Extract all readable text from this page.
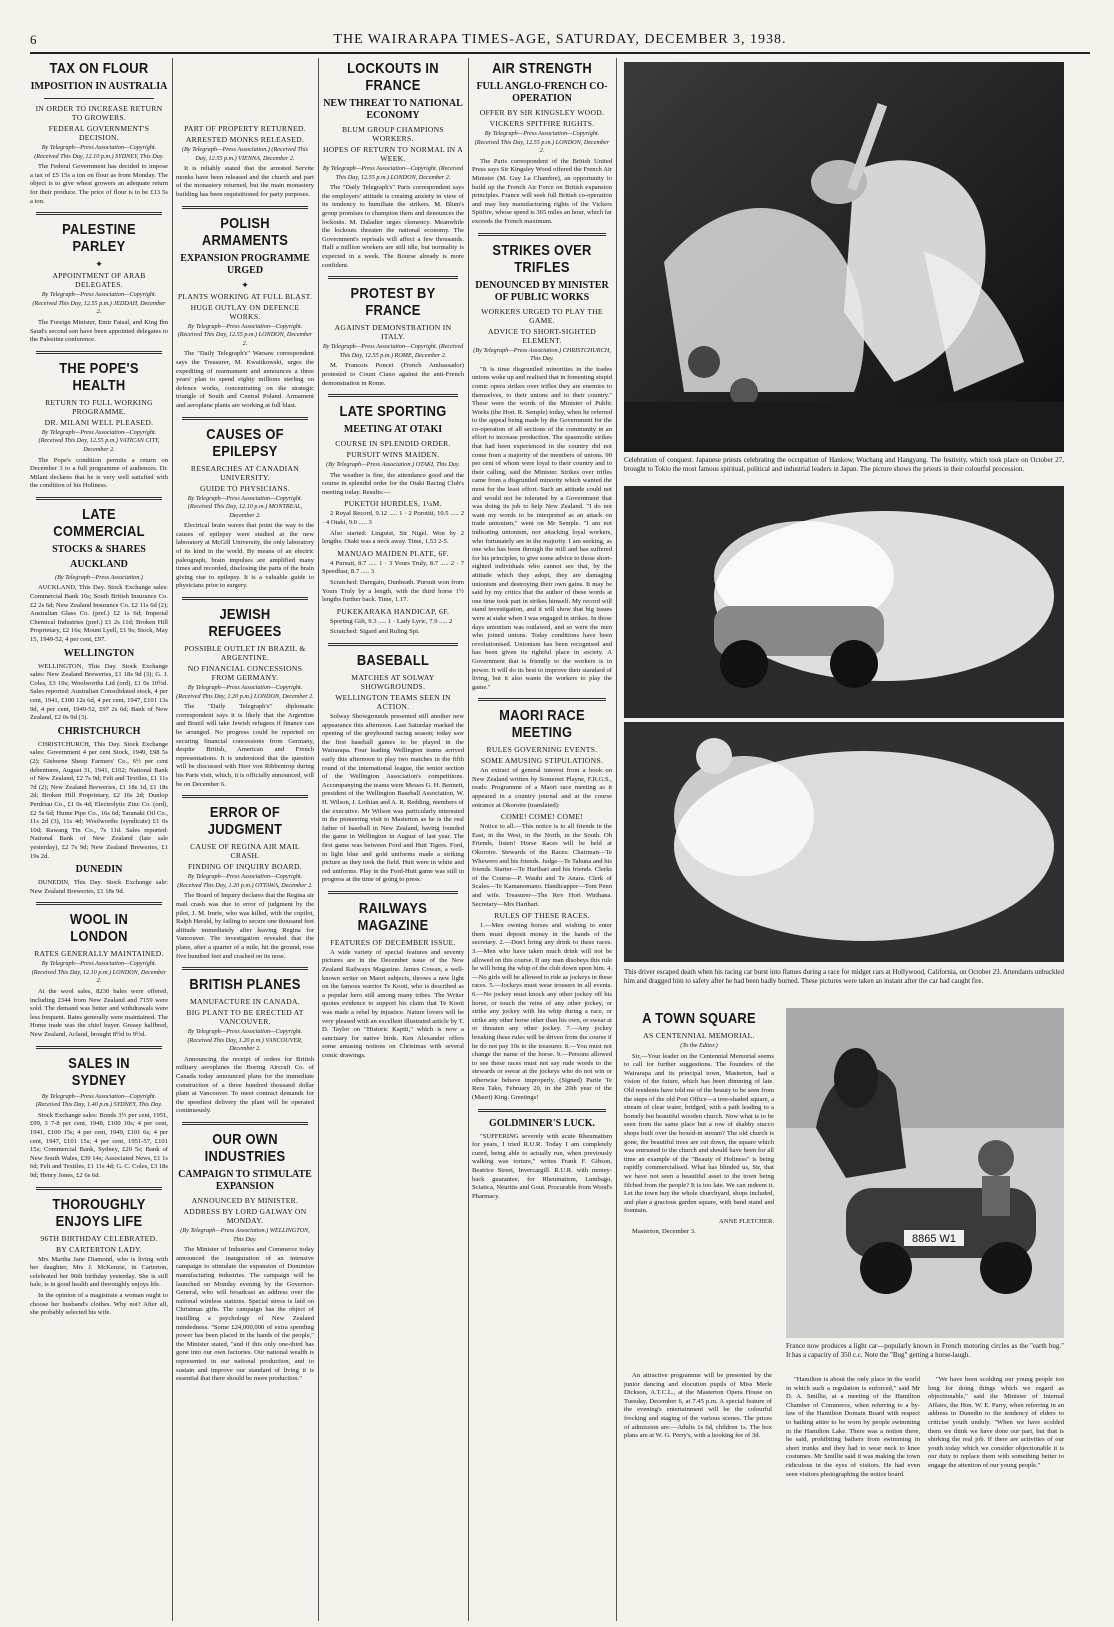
6	THE WAIRARAPA TIMES-AGE, SATURDAY, DECEMBER 3, 1938.
TAX ON FLOUR
IMPOSITION IN AUSTRALIA
IN ORDER TO INCREASE RETURN TO GROWERS.
FEDERAL GOVERNMENT'S DECISION.

By Telegraph—Press Association—Copyright. (Received This Day, 12.10 p.m.) SYDNEY, This Day.

The Federal Government has decided to impose a tax of £5 15s a ton on flour as from Monday. The object is to give wheat growers an adequate return for their produce. The price of flour is to be £13 5s a ton.

PALESTINE PARLEY
✦
APPOINTMENT OF ARAB DELEGATES.

By Telegraph—Press Association—Copyright. (Received This Day, 12.55 p.m.) JEDDAH, December 2.

The Foreign Minister, Emir Faisal, and King Ibn Saud's second son have been appointed delegates to the Palestine conference.

THE POPE'S HEALTH
RETURN TO FULL WORKING PROGRAMME.
DR. MILANI WELL PLEASED.

By Telegraph—Press Association—Copyright. (Received This Day, 12.55 p.m.) VATICAN CITY, December 2.

The Pope's condition permits a return on December 3 to a full programme of audiences. Dr. Milani declares that he is very well satisfied with the condition of his Holiness.

LATE COMMERCIAL
STOCKS & SHARES
AUCKLAND

(By Telegraph—Press Association.)

AUCKLAND, This Day. Stock Exchange sales: Commercial Bank 16s; South British Insurance Co. £2 2s 6d; New Zealand Insurance Co. £2 11s 6d (2); Australian Glass Co. (pref.) £2 1s 6d; Imperial Chemical Industries (pref.) £1 2s 11d; Broken Hill Proprietary, £2 16s; Mount Lyell, £1 9s; Stock, May 15, 1949-52, 4 per cent, £97.

WELLINGTON

WELLINGTON, This Day. Stock Exchange sales: New Zealand Breweries, £1 18s 9d (3); G. J. Coles, £3 19s; Woolworths Ltd (ord), £1 0s 10½d. Sales reported: Australian Consolidated stock, 4 per cent, 1941, £100 12s 6d, 4 per cent, 1947, £101 13s 9d, 4 per cent, 1949-52, £97 2s 6d; Bank of New Zealand, £2 0s 9d (3).

CHRISTCHURCH

CHRISTCHURCH, This Day. Stock Exchange sales: Government 4 per cent Stock, 1949, £98 5s (2); Gisborne Sheep Farmers' Co., 6½ per cent debentures, August 31, 1941, £102; National Bank of New Zealand, £2 7s 9d; Felt and Textiles, £1 11s 7d (2); New Zealand Breweries, £1 18s 1d, £1 18s 2d; Broken Hill Proprietary, £2 16s 2d; Dunlop Perdriau Co., £1 0s 4d; Electrolytic Zinc Co. (ord), £2 5s 6d; Hume Pipe Co., 16s 6d; Taranaki Oil Co., 11s 2d (3), 11s 4d; Woolworths (syndicate) £1 0s 10d; Rawang Tin Co., 7s 11d. Sales reported: National Bank of New Zealand (late sale yesterday), £2 7s 9d; New Zealand Breweries, £1 19s 2d.

DUNEDIN

DUNEDIN, This Day. Stock Exchange sale: New Zealand Breweries, £1 18s 9d.

WOOL IN LONDON
RATES GENERALLY MAINTAINED.

By Telegraph—Press Association—Copyright. (Received This Day, 12.10 p.m.) LONDON, December 2.

At the wool sales, 8230 bales were offered, including 2344 from New Zealand and 7159 were sold. The demand was better and withdrawals were less frequent. Rates generally were maintained. The Home trade was the chief buyer. Greasy halfbred, New Zealand, Acland, brought 8½d to 9½d.

SALES IN SYDNEY

By Telegraph—Press Association—Copyright. (Received This Day, 1.40 p.m.) SYDNEY, This Day.

Stock Exchange sales: Bonds 3½ per cent, 1951, £99, 3 7-8 per cent, 1948, £100 10s; 4 per cent, 1941, £100 15s; 4 per cent, 1949, £101 6s; 4 per cent, 1947, £101 15s; 4 per cent, 1951-57, £101 15s; Commercial Bank, Sydney, £20 5s; Bank of New South Wales, £39 14s; Associated News, £1 1s 6d; Felt and Textiles, £1 11s 4d; G. C. Coles, £3 18s 9d; Henry Jones, £2 6s 6d.

THOROUGHLY ENJOYS LIFE
96TH BIRTHDAY CELEBRATED.
BY CARTERTON LADY.

Mrs Martha Jane Diamond, who is living with her daughter, Mrs J. McKenzie, in Carterton, celebrated her 96th birthday yesterday. She is still hale, is in good health and thoroughly enjoys life.

In the opinion of a magistrate a woman ought to choose her husband's clothes. Why not? After all, she probably selected his wife.

PART OF PROPERTY RETURNED.
ARRESTED MONKS RELEASED.

(By Telegraph—Press Association.) (Received This Day, 12.55 p.m.) VIENNA, December 2.

It is reliably stated that the arrested Servite monks have been released and the church and part of the monastery returned, but the main monastery building has been requisitioned for party purposes.

POLISH ARMAMENTS
EXPANSION PROGRAMME URGED
✦
PLANTS WORKING AT FULL BLAST.
HUGE OUTLAY ON DEFENCE WORKS.

By Telegraph—Press Association—Copyright. (Received This Day, 12.55 p.m.) LONDON, December 2.

The "Daily Telegraph's" Warsaw correspondent says the Treasurer, M. Kwaitkowski, urges the expediting of rearmament and announces a three years' plan to spend eighty millions sterling on defence works, concentrating on the strategic triangle of South and Central Poland. Armament and aeroplane plants are working at full blast.

CAUSES OF EPILEPSY
RESEARCHES AT CANADIAN UNIVERSITY.
GUIDE TO PHYSICIANS.

By Telegraph—Press Association—Copyright. (Received This Day, 12.10 p.m.) MONTREAL, December 2.

Electrical brain waves that point the way to the causes of epilepsy were studied at the new laboratory at McGill University, the only laboratory of its kind in the world. By means of an electric paleograph, brain impulses are amplified many times and recorded, disclosing the parts of the brain giving rise to epilepsy. It is a valuable guide to physicians prior to surgery.

JEWISH REFUGEES
POSSIBLE OUTLET IN BRAZIL & ARGENTINE.
NO FINANCIAL CONCESSIONS FROM GERMANY.

By Telegraph—Press Association—Copyright. (Received This Day, 1.20 p.m.) LONDON, December 2.

The "Daily Telegraph's" diplomatic correspondent says it is likely that the Argentine and Brazil will take Jewish refugees if finance can be arranged. No progress could be reported on securing financial concessions from Germany, despite British, American and French representations. It is understood that the question will be discussed with Herr von Ribbentrop during his Paris visit, which, it is officially announced, will be on December 6.

ERROR OF JUDGMENT
CAUSE OF REGINA AIR MAIL CRASH.
FINDING OF INQUIRY BOARD.

By Telegraph—Press Association—Copyright. (Received This Day, 1.20 p.m.) OTTAWA, December 2.

The Board of Inquiry declares that the Regina air mail crash was due to error of judgment by the pilot, J. M. Imrie, who was killed, with the copilot, Ralph Herald, by failing to secure one thousand feet altitude immediately after leaving Regina for Vancouver. The investigation revealed that the plane, after a quarter of a mile, hit the ground, rose five hundred feet and crashed on its nose.

BRITISH PLANES
MANUFACTURE IN CANADA.
BIG PLANT TO BE ERECTED AT VANCOUVER.

By Telegraph—Press Association—Copyright. (Received This Day, 1.20 p.m.) VANCOUVER, December 2.

Announcing the receipt of orders for British military aeroplanes the Boeing Aircraft Co. of Canada today announced plans for the immediate construction of a three hundred thousand dollar plant at Vancouver. To meet contract demands for the speediest delivery the plant will be operated continuously.

OUR OWN INDUSTRIES
CAMPAIGN TO STIMULATE EXPANSION
ANNOUNCED BY MINISTER.
ADDRESS BY LORD GALWAY ON MONDAY.

(By Telegraph—Press Association.) WELLINGTON, This Day.

The Minister of Industries and Commerce today announced the inauguration of an intensive campaign to stimulate the expansion of Dominion manufacturing industries. The campaign will be launched on Monday evening by the Governor-General, who will broadcast an address over the national wireless stations. Special stress is laid on Christmas gifts. The campaign has the object of instilling a psychology of New Zealand mindedness. "Some £24,000,000 of extra spending power has been placed in the hands of the people," the Minister stated, "and if this only one-third has gone into our own factories. Our national wealth is represented in our national production, and to sustain and improve our standard of living it is essential that there should be more production."

LOCKOUTS IN FRANCE
NEW THREAT TO NATIONAL ECONOMY
BLUM GROUP CHAMPIONS WORKERS.
HOPES OF RETURN TO NORMAL IN A WEEK.

By Telegraph—Press Association—Copyright. (Received This Day, 12.55 p.m.) LONDON, December 2.

The "Daily Telegraph's" Paris correspondent says the employers' attitude is creating anxiety in view of its tendency to humiliate the strikers. M. Blum's group promises to champion them and denounces the lockouts. M. Daladier urges clemency. Meanwhile the lockouts threaten the national economy. The Government's reprisals will affect a few thousands. Half a million workers are still idle, but normality is expected in a week. The Bourse already is more confident.

PROTEST BY FRANCE
AGAINST DEMONSTRATION IN ITALY.

By Telegraph—Press Association—Copyright. (Received This Day, 12.55 p.m.) ROME, December 2.

M. Francois Poncet (French Ambassador) protested to Count Ciano against the anti-French demonstration in Rome.

LATE SPORTING
MEETING AT OTAKI
COURSE IN SPLENDID ORDER.
PURSUIT WINS MAIDEN.

(By Telegraph—Press Association.) OTAKI, This Day.

The weather is fine, the attendance good and the course in splendid order for the Otaki Racing Club's meeting today. Results:—

PUKETOI HURDLES, 1¼M.

2 Royal Record, 9.12 ..... 1 · 2 Porotiti, 10.5 ..... 2 · 4 Otaki, 9.0 ..... 3

Also started: Linguist, Sir Nigel. Won by 2 lengths. Otaki was a neck away. Time, 1.53 2-5.

MANUAO MAIDEN PLATE, 6F.

4 Pursuit, 8.7 ..... 1 · 3 Yours Truly, 8.7 ..... 2 · 7 Speedfast, 8.7 ..... 3

Scratched: Daregain, Dunbeath. Pursuit won from Yours Truly by a length, with the third horse 1½ lengths further back. Time, 1.17.

PUKEKARAKA HANDICAP, 6F.

Sporting Gift, 9.3 ..... 1 · Lady Lyric, 7.9 ..... 2

Scratched: Sigard and Ruling Spi.

BASEBALL
MATCHES AT SOLWAY SHOWGROUNDS.
WELLINGTON TEAMS SEEN IN ACTION.

Solway Showgrounds presented still another new appearance this afternoon. Last Saturday marked the opening of the greyhound racing season; today saw the first baseball games to be played in the Wairarapa. Four leading Wellington teams arrived early this afternoon to play two matches in the fifth round of the international league, the senior section of the Wellington Association's competitions. Accompanying the teams were Messrs G. H. Bennett, president of the Wellington Baseball Association, W. H. Wilson, J. Lothian and A. R. Redding, members of the executive. Mr Wilson was particularly interested in the pioneering visit to Masterton as he is the real father of baseball in New Zealand, having founded the game in Wellington in August of last year. The first game was between Ford and Hutt Tigers. Ford, in light blue and gold uniforms made a striking picture as they took the field. Hutt were in white and red uniforms. Play in the Ford-Hutt game was still in progress at the time of going to press.

RAILWAYS MAGAZINE
FEATURES OF DECEMBER ISSUE.

A wide variety of special features and seventy pictures are in the December issue of the New Zealand Railways Magazine. James Cowan, a well-known writer on Maori subjects, throws a new light on the famous warrior Te Kooti, who is described as a popular hero still among many tribes. The Writer quotes evidence to support his claim that Te Kooti was made a rebel by injustice. Nature lovers will be very pleased with an excellent illustrated article by T. D. Taylor on "Historic Kapiti," which is now a sanctuary for native birds. Ken Alexander offers some amusing notions on Christmas with several comic drawings.

AIR STRENGTH
FULL ANGLO-FRENCH CO-OPERATION
OFFER BY SIR KINGSLEY WOOD.
VICKERS SPITFIRE RIGHTS.

By Telegraph—Press Association—Copyright. (Received This Day, 12.55 p.m.) LONDON, December 2.

The Paris correspondent of the British United Press says Sir Kingsley Wood offered the French Air Minister (M. Guy La Chambre), an opportunity to build up the French Air Force on British expansion principles. France will seek full British co-operation and may buy manufacturing rights of the Vickers Spitfire, whose speed is 365 miles an hour, which far exceeds the French maximum.

STRIKES OVER TRIFLES
DENOUNCED BY MINISTER OF PUBLIC WORKS
WORKERS URGED TO PLAY THE GAME.
ADVICE TO SHORT-SIGHTED ELEMENT.

(By Telegraph—Press Association.) CHRISTCHURCH, This Day.

"It is time disgruntled minorities in the trades unions woke up and realised that in fomenting stupid comic opera strikes over trifles they are enemies to themselves, to their unions and to their country." These were the words of the Minister of Public Works (the Hon. R. Semple) today, when he referred to the appeal being made by the Government for the co-operation of all sections of the community in an effort to increase production. The spasmodic strikes that had been experienced in the country did not come from a majority of the members of unions. 90 per cent of whom were loyal to their country and to their calling, said the Minister. Strikes over trifles came from a disgruntled minority which wanted the most for the least effort. Such an attitude could not and would not be tolerated by a Government that was doing its job to help New Zealand. "I do not want my words to be interpreted as an attack on trade unionism," went on Mr Semple. "I am not indicating unionism, nor attacking loyal workers, who fortunately are in the majority. I am seeking, as one who has been through the mill and has suffered for his principles, to give some advice to those short-sighted individuals who cannot see that, by the attitude which they adopt, they are damaging unionism and destroying their own gains. It may be said by my critics that the author of these words at one time took part in strikes himself. My record will stand investigation, and it will show that big issues were at stake when I was engaged in strikes. In those days unionism was outlawed, and so were the men who joined unions. Today conditions have been revolutionised. Unionism has been recognised and has been given its rightful place in society. A Government that is friendly to the workers is in power. It will do its best to improve their standard of living, but it also wants the workers to play the game."

MAORI RACE MEETING
RULES GOVERNING EVENTS.
SOME AMUSING STIPULATIONS.

An extract of general interest from a book on New Zealand written by Somerset Playne, F.R.G.S., reads: Programme of a Maori race meeting as it appeared in a country journal and at the course entrance at Okoroire (translated):

COME! COME! COME!

Notice to all.—This notice is to all friends in the East, in the West, in the North, in the South. Oh Friends, listen! Horse Races will be held at Okoroire. Stewards of the Races: Chairman—Te Whewero and his friends. Judge—Te Tahuna and his friends. Starter—Te Harihari and his friends. Clerks of the Course—P. Wauhi and Te Anara. Clerk of Scales—Te Kamanomano. Handicapper—Tom Penn and wife. Treasurer—The Rev Hori Wirihana. Secretary—Mrs Harihari.

RULES OF THESE RACES.

1.—Men owning horses and wishing to enter them must deposit money in the hands of the secretary. 2.—Don't bring any drink to these races. 3.—Men who have taken much drink will not be allowed on this course. If any man disobeys this rule he will bring the whip of the club down upon him. 4.—No girls will be allowed to ride as jockeys in these races. 5.—Jockeys must wear trousers in all events. 6.—No jockey must knock any other jockey off his horse, or touch the reins of any other jockey, or strike any jockey with his whip during a race, or strike any other horse other than his own, or swear at or threaten any other jockey. 7.—Any jockey breaking these rules will be driven from the course if he do not pay 10s to the treasurer. 8.—You must not change the name of the horse. 9.—Persons allowed to see these races must not say rude words to the stewards or swear at the jockeys who do not win or otherwise behave improperly. (Signed) Parite Te Rera Tako, February 20, in the 20th year of the (Maori) King. Greetings!

GOLDMINER'S LUCK.

"SUFFERING severely with acute Rheumatism for years, I tried R.U.R. Today I am completely cured, being able to actually run, when previously walking was torture," writes Frank F. Gibson, Beatrice Street, Invercargill. R.U.R. with money-back guarantee, for Rheumatism, Lumbago, Sciatica, Neuritis and Gout. Procurable from Wood's Pharmacy.

Celebration of conquest. Japanese priests celebrating the occupation of Hankow, Wuchang and Hangyang. The festivity, which took place on October 27, brought to Tokio the most famous spiritual, political and industrial leaders in Japan. The picture shows the priests in their colourful procession.
This driver escaped death when his racing car burst into flames during a race for midget cars at Hollywood, California, on October 23. Attendants unbuckled him and dragged him to safety after he had been badly burned. These pictures were taken an instant after the car had caught fire.
A TOWN SQUARE
AS CENTENNIAL MEMORIAL.

(To the Editor.)

Sir,—Your leader on the Centennial Memorial seems to call for further suggestions. The founders of the Wairarapa and its principal town, Masterton, had a vision of the future, which has been dimming of late. Old residents have told me of the beauty to be seen from the steps of the old Post Office—a tree-shaded square, a stream of clear water, bridged, with a path leading to a homely but beautiful wooden church. Now what is to be seen from the same place but a row of shabby stucco shops built over the boxed-in stream? The old church is gone, the beautiful trees are cut down, the square which was entrusted to the church and should have been for all time an example of the "Beauty of Holiness" is being rapidly commercialised. What has blinded us, Sir, that we have not seen a beautiful asset to the town being filched from the people? It is too late. We can redeem it. Let the town buy the whole churchyard, shops included, and plan a gracious garden square, with band stand and fountain.

ANNE FLETCHER.

Masterton, December 3.

8865 W1
France now produces a light car—popularly known in French motoring circles as the "earth bug." It has a capacity of 350 c.c. Note the "Bug" getting a horse-laugh.

An attractive programme will be presented by the junior dancing and elocution pupils of Miss Merle Dickson, A.T.C.L., at the Masterton Opera House on Tuesday, December 6, at 7.45 p.m. A special feature of the evening's entertainment will be the colourful frocking and staging of the various scenes. The prices of admission are:—Adults 1s 6d, children 1s. The box plans are at W. G. Perry's, with a booking fee of 3d.

"Hamilton is about the only place in the world in which such a regulation is enforced," said Mr D. A. Smillie, at a meeting of the Hamilton Chamber of Commerce, when referring to a by-law of the Hamilton Domain Board with respect to bathing attire to be worn by people swimming in the Hamilton Lake. There was a notion there, he said, prohibiting bathers from swimming in short trunks and they had to wear neck to knee costumes. Mr Smillie said it was making the town ridiculous in the eyes of visitors. He had even seen visitors photographing the notice board.

"We have been scolding our young people too long for doing things which we regard as objectionable," said the Minister of Internal Affairs, the Hon. W. E. Parry, when referring in an address in Dunedin to the tendency of elders to criticise youth unduly. "When we have scolded them we think we have done our part, but that is shirking the real job. If there are activities of our youth today which we consider objectionable it is our duty to replace them with something better to engage the attention of our young people."
